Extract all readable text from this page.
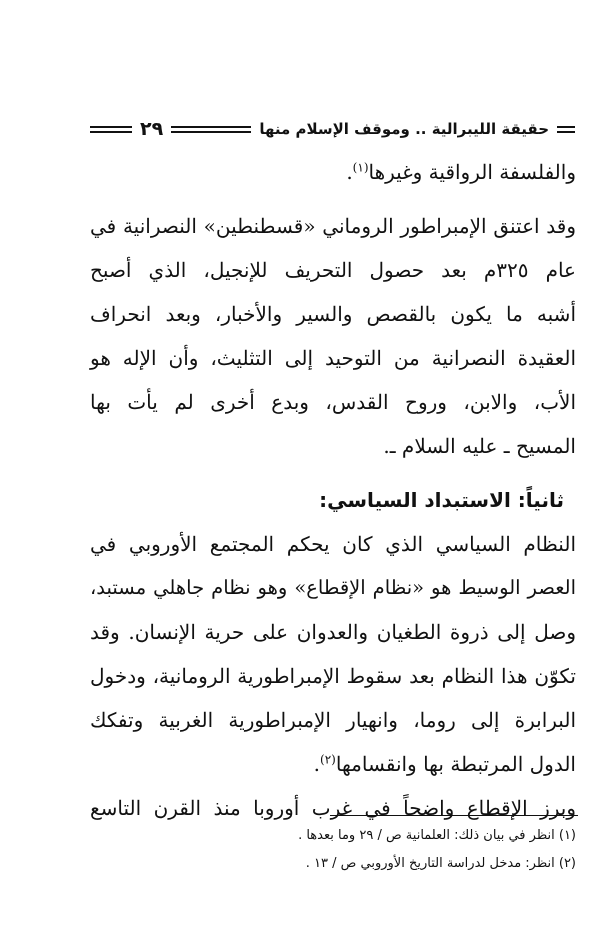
حقيقة الليبرالية .. وموقف الإسلام منها
٢٩
والفلسفة الرواقية وغيرها$^{(١)}$.
وقد اعتنق الإمبراطور الروماني «قسطنطين» النصرانية في
عام ٣٢٥م بعد حصول التحريف للإنجيل، الذي أصبح
أشبه ما يكون بالقصص والسير والأخبار، وبعد انحراف
العقيدة النصرانية من التوحيد إلى التثليث، وأن الإله هو
الأب، والابن، وروح القدس، وبدع أخرى لم يأت بها
المسيح ـ عليه السلام ـ.
ثانياً: الاستبداد السياسي:
النظام السياسي الذي كان يحكم المجتمع الأوروبي في
العصر الوسيط هو «نظام الإقطاع» وهو نظام جاهلي مستبد،
وصل إلى ذروة الطغيان والعدوان على حرية الإنسان. وقد
تكوّن هذا النظام بعد سقوط الإمبراطورية الرومانية، ودخول
البرابرة إلى روما، وانهيار الإمبراطورية الغربية وتفكك
الدول المرتبطة بها وانقسامها$^{(٢)}$.
وبرز الإقطاع واضحاً في غرب أوروبا منذ القرن التاسع
(١) انظر في بيان ذلك: العلمانية ص / ٢٩ وما بعدها .
(٢) انظر: مدخل لدراسة التاريخ الأوروبي ص / ١٣ .
